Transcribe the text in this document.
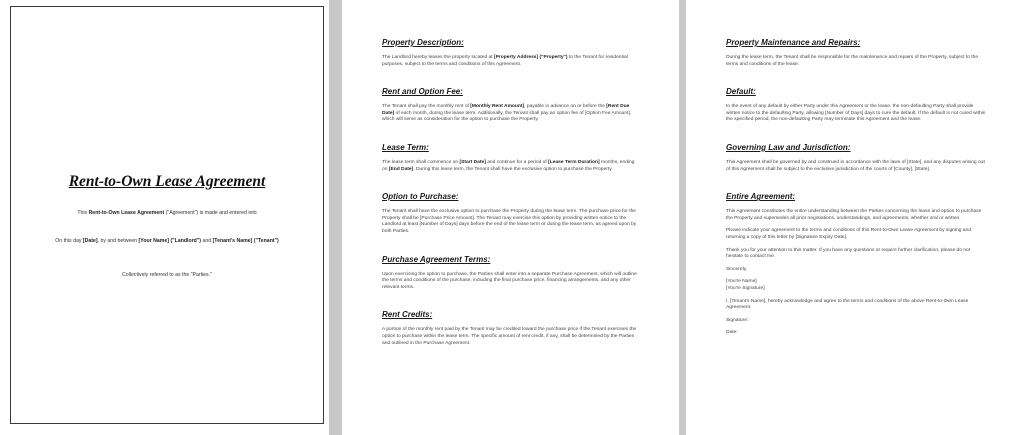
Rent-to-Own Lease Agreement
This Rent-to-Own Lease Agreement ("Agreement") is made and entered into
On this day [Date], by and between [Your Name] ("Landlord") and [Tenant's Name] ("Tenant")
Collectively referred to as the "Parties."
Property Description:
The Landlord hereby leases the property located at [Property Address] ("Property") to the Tenant for residential purposes, subject to the terms and conditions of this Agreement.
Rent and Option Fee:
The Tenant shall pay the monthly rent of [Monthly Rent Amount], payable in advance on or before the [Rent Due Date] of each month, during the lease term. Additionally, the Tenant shall pay an option fee of [Option Fee Amount], which will serve as consideration for the option to purchase the Property.
Lease Term:
The lease term shall commence on [Start Date] and continue for a period of [Lease Term Duration] months, ending on [End Date]. During this lease term, the Tenant shall have the exclusive option to purchase the Property.
Option to Purchase:
The Tenant shall have the exclusive option to purchase the Property during the lease term. The purchase price for the Property shall be [Purchase Price Amount]. The Tenant may exercise this option by providing written notice to the Landlord at least [Number of Days] days before the end of the lease term or during the lease term, as agreed upon by both Parties.
Purchase Agreement Terms:
Upon exercising the option to purchase, the Parties shall enter into a separate Purchase Agreement, which will outline the terms and conditions of the purchase, including the final purchase price, financing arrangements, and any other relevant terms.
Rent Credits:
A portion of the monthly rent paid by the Tenant may be credited toward the purchase price if the Tenant exercises the option to purchase within the lease term. The specific amount of rent credit, if any, shall be determined by the Parties and outlined in the Purchase Agreement.
Property Maintenance and Repairs:
During the lease term, the Tenant shall be responsible for the maintenance and repairs of the Property, subject to the terms and conditions of the lease.
Default:
In the event of any default by either Party under this Agreement or the lease, the non-defaulting Party shall provide written notice to the defaulting Party, allowing [Number of Days] days to cure the default. If the default is not cured within the specified period, the non-defaulting Party may terminate this Agreement and the lease.
Governing Law and Jurisdiction:
This Agreement shall be governed by and construed in accordance with the laws of [State], and any disputes arising out of this Agreement shall be subject to the exclusive jurisdiction of the courts of [County], [State].
Entire Agreement:
This Agreement constitutes the entire understanding between the Parties concerning the lease and option to purchase the Property and supersedes all prior negotiations, understandings, and agreements, whether oral or written.
Please indicate your agreement to the terms and conditions of this Rent-to-Own Lease Agreement by signing and returning a copy of this letter by [Signature Expiry Date].
Thank you for your attention to this matter. If you have any questions or require further clarification, please do not hesitate to contact me.
Sincerely,
[You're Name]
[You're Signature]
I, [Tenant's Name], hereby acknowledge and agree to the terms and conditions of the above Rent-to-Own Lease Agreement.
Signature:
Date:
